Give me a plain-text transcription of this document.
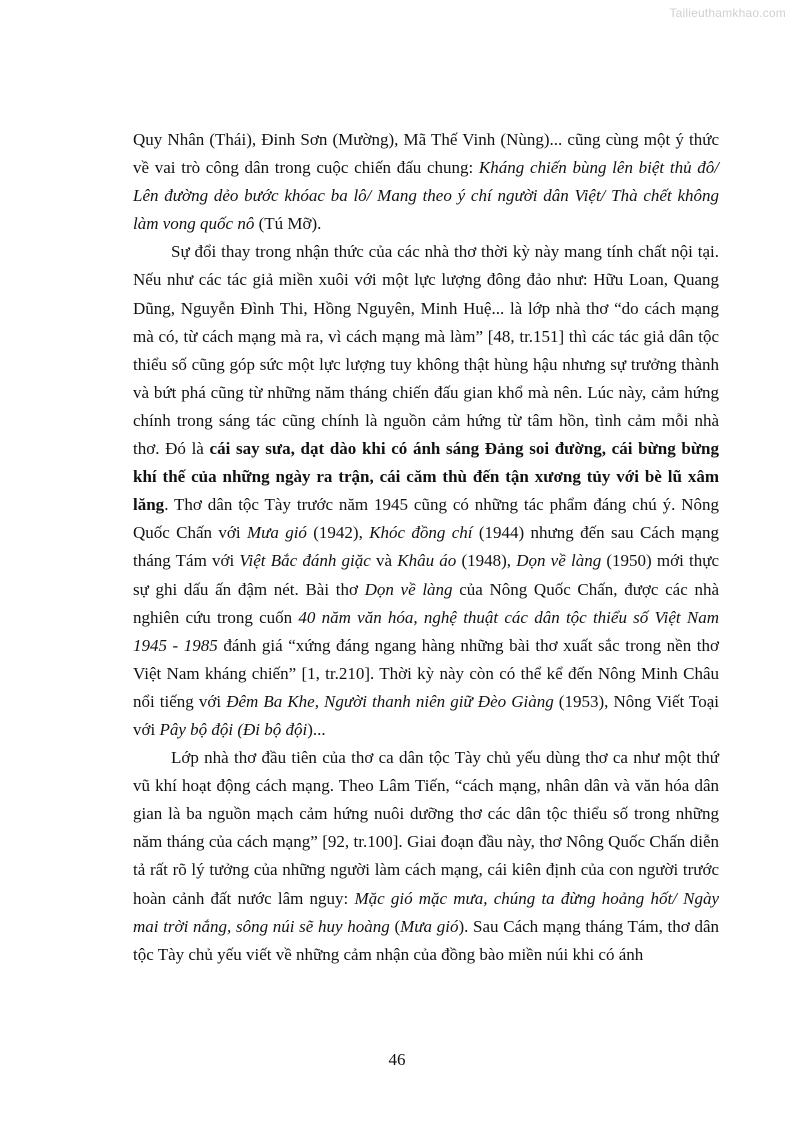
Tailieuthamkhao.com

Quy Nhân (Thái), Đinh Sơn (Mường), Mã Thế Vinh (Nùng)... cũng cùng một ý thức về vai trò công dân trong cuộc chiến đấu chung: Kháng chiến bùng lên biệt thủ đô/ Lên đường dẻo bước khóac ba lô/ Mang theo ý chí người dân Việt/ Thà chết không làm vong quốc nô (Tú Mỡ).

Sự đổi thay trong nhận thức của các nhà thơ thời kỳ này mang tính chất nội tại. Nếu như các tác giả miền xuôi với một lực lượng đông đảo như: Hữu Loan, Quang Dũng, Nguyễn Đình Thi, Hồng Nguyên, Minh Huệ... là lớp nhà thơ “do cách mạng mà có, từ cách mạng mà ra, vì cách mạng mà làm” [48, tr.151] thì các tác giả dân tộc thiểu số cũng góp sức một lực lượng tuy không thật hùng hậu nhưng sự trưởng thành và bứt phá cũng từ những năm tháng chiến đấu gian khổ mà nên. Lúc này, cảm hứng chính trong sáng tác cũng chính là nguồn cảm hứng từ tâm hồn, tình cảm mỗi nhà thơ. Đó là cái say sưa, dạt dào khi có ánh sáng Đảng soi đường, cái bừng bừng khí thế của những ngày ra trận, cái căm thù đến tận xương tủy với bè lũ xâm lăng. Thơ dân tộc Tày trước năm 1945 cũng có những tác phẩm đáng chú ý. Nông Quốc Chấn với Mưa gió (1942), Khóc đồng chí (1944) nhưng đến sau Cách mạng tháng Tám với Việt Bắc đánh giặc và Khâu áo (1948), Dọn về làng (1950) mới thực sự ghi dấu ấn đậm nét. Bài thơ Dọn về làng của Nông Quốc Chấn, được các nhà nghiên cứu trong cuốn 40 năm văn hóa, nghệ thuật các dân tộc thiểu số Việt Nam 1945 - 1985 đánh giá “xứng đáng ngang hàng những bài thơ xuất sắc trong nền thơ Việt Nam kháng chiến” [1, tr.210]. Thời kỳ này còn có thể kể đến Nông Minh Châu nổi tiếng với Đêm Ba Khe, Người thanh niên giữ Đèo Giàng (1953), Nông Viết Toại với Pây bộ đội (Đi bộ đội)...

Lớp nhà thơ đầu tiên của thơ ca dân tộc Tày chủ yếu dùng thơ ca như một thứ vũ khí hoạt động cách mạng. Theo Lâm Tiến, “cách mạng, nhân dân và văn hóa dân gian là ba nguồn mạch cảm hứng nuôi dưỡng thơ các dân tộc thiểu số trong những năm tháng của cách mạng” [92, tr.100]. Giai đoạn đầu này, thơ Nông Quốc Chấn diễn tả rất rõ lý tưởng của những người làm cách mạng, cái kiên định của con người trước hoàn cảnh đất nước lâm nguy: Mặc gió mặc mưa, chúng ta đừng hoảng hốt/ Ngày mai trời nắng, sông núi sẽ huy hoàng (Mưa gió). Sau Cách mạng tháng Tám, thơ dân tộc Tày chủ yếu viết về những cảm nhận của đồng bào miền núi khi có ánh

46
